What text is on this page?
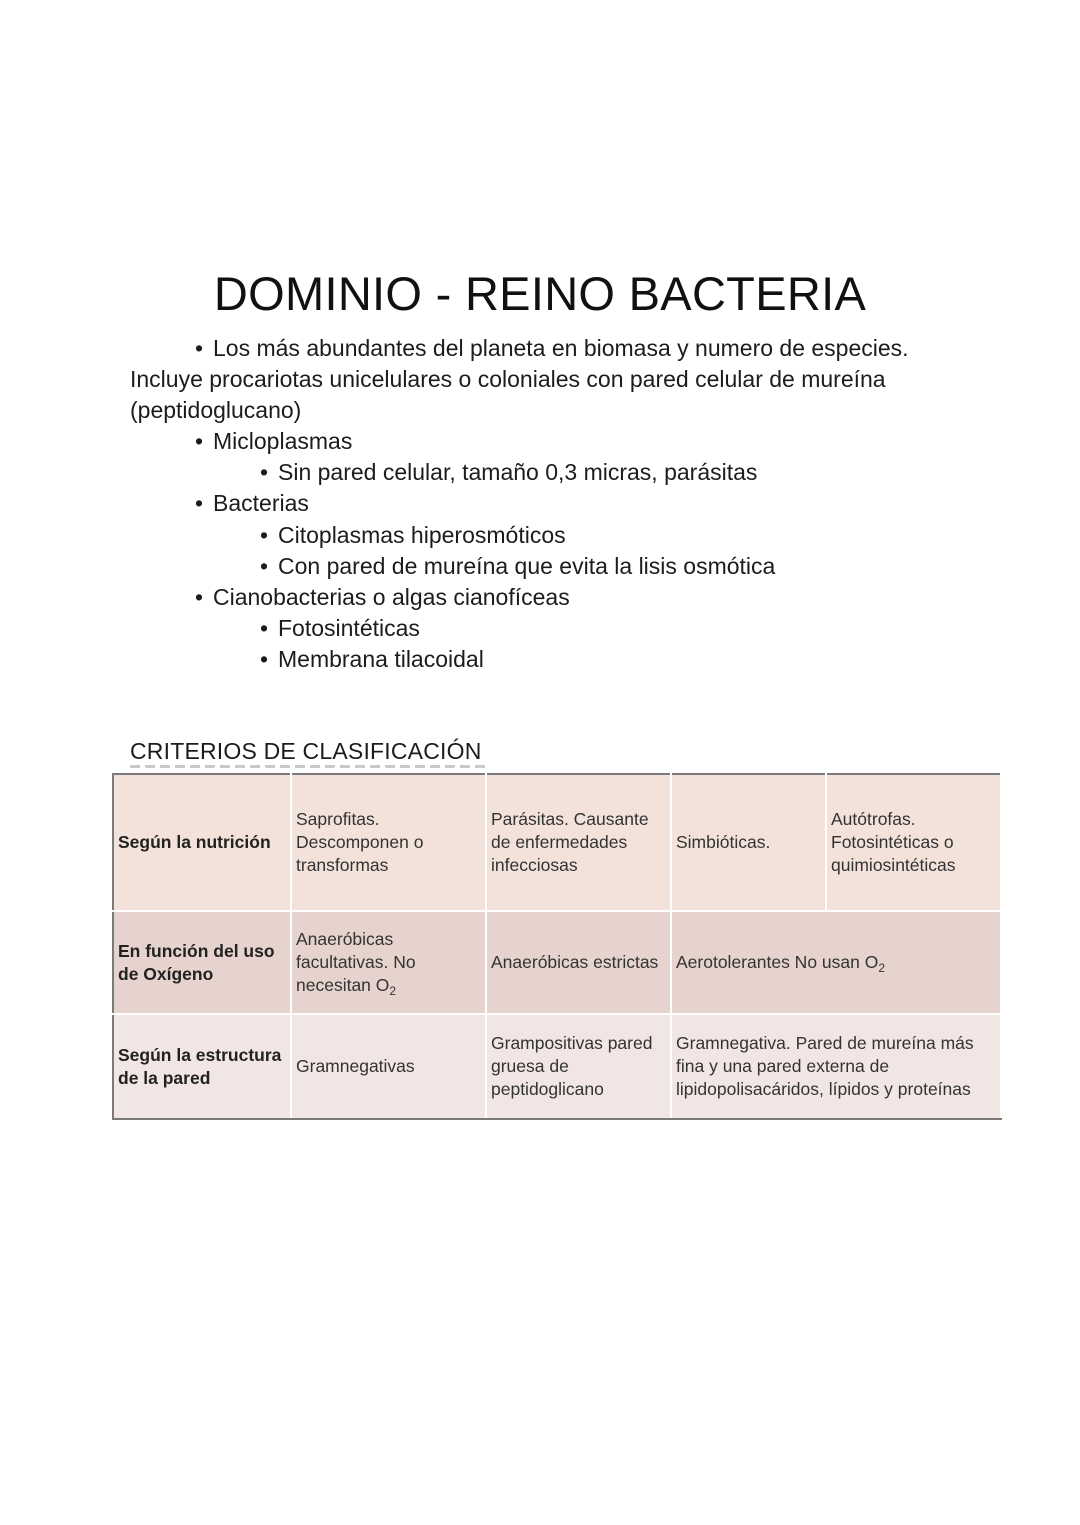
DOMINIO - REINO BACTERIA
• Los más abundantes del planeta en biomasa y numero de especies.
Incluye procariotas unicelulares o coloniales con pared celular de mureína
(peptidoglucano)
• Micloplasmas
• Sin pared celular, tamaño 0,3 micras, parásitas
• Bacterias
• Citoplasmas hiperosmóticos
• Con pared de mureína que evita la lisis osmótica
• Cianobacterias o algas cianofíceas
• Fotosintéticas
• Membrana tilacoidal
CRITERIOS DE CLASIFICACIÓN
Según la nutrición	Saprofitas. Descomponen o transformas	Parásitas. Causante de enfermedades infecciosas	Simbióticas.	Autótrofas. Fotosintéticas o quimiosintéticas
En función del uso de Oxígeno	Anaeróbicas facultativas. No necesitan $O_2$	Anaeróbicas estrictas	Aerotolerantes No usan $O_2$
Según la estructura de la pared	Gramnegativas	Grampositivas pared gruesa de peptidoglicano	Gramnegativa. Pared de mureína más fina y una pared externa de lipidopolisacáridos, lípidos y proteínas	
